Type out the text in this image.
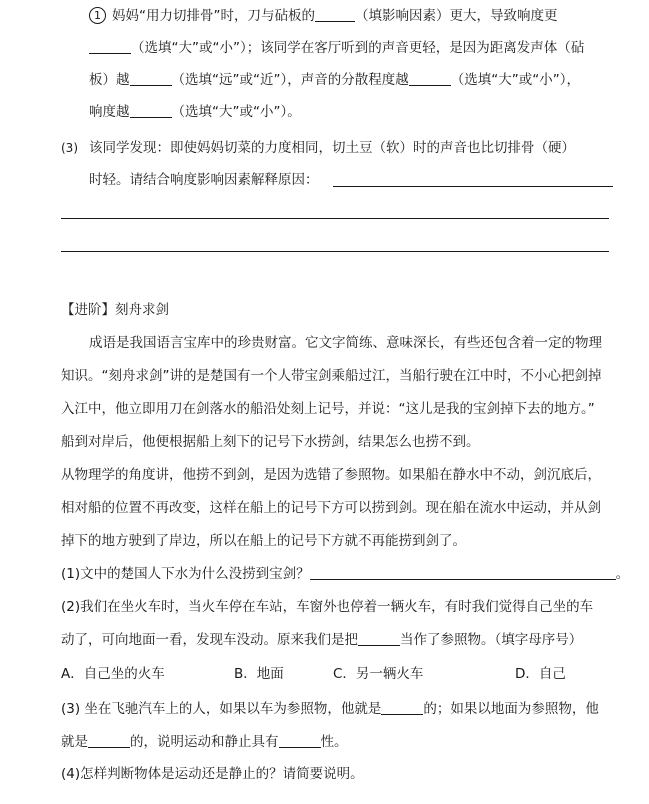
1 妈妈“用力切排骨”时，刀与砧板的	（填影响因素）更大，导致响度更
（选填“大”或“小”）；该同学在客厅听到的声音更轻，是因为距离发声体（砧
板）越	（选填“远”或“近”），声音的分散程度越	（选填“大”或“小”），
响度越	（选填“大”或“小”）。
(3) 该同学发现：即使妈妈切菜的力度相同，切土豆（软）时的声音也比切排骨（硬）
时轻。请结合响度影响因素解释原因：
【进阶】刻舟求剑
成语是我国语言宝库中的珍贵财富。它文字简练、意味深长，有些还包含着一定的物理
知识。“刻舟求剑”讲的是楚国有一个人带宝剑乘船过江，当船行驶在江中时，不小心把剑掉
入江中，他立即用刀在剑落水的船沿处刻上记号，并说：“这儿是我的宝剑掉下去的地方。”
船到对岸后，他便根据船上刻下的记号下水捞剑，结果怎么也捞不到。
从物理学的角度讲，他捞不到剑，是因为选错了参照物。如果船在静水中不动，剑沉底后，
相对船的位置不再改变，这样在船上的记号下方可以捞到剑。现在船在流水中运动，并从剑
掉下的地方驶到了岸边，所以在船上的记号下方就不再能捞到剑了。
(1)文中的楚国人下水为什么没捞到宝剑？	。
(2)我们在坐火车时，当火车停在车站，车窗外也停着一辆火车，有时我们觉得自己坐的车
动了，可向地面一看，发现车没动。原来我们是把	当作了参照物。（填字母序号）
A．自己坐的火车	B．地面	C．另一辆火车	D．自己
(3) 坐在飞驰汽车上的人，如果以车为参照物，他就是	的；如果以地面为参照物，他
就是	的，说明运动和静止具有	性。
(4)怎样判断物体是运动还是静止的？请简要说明。
